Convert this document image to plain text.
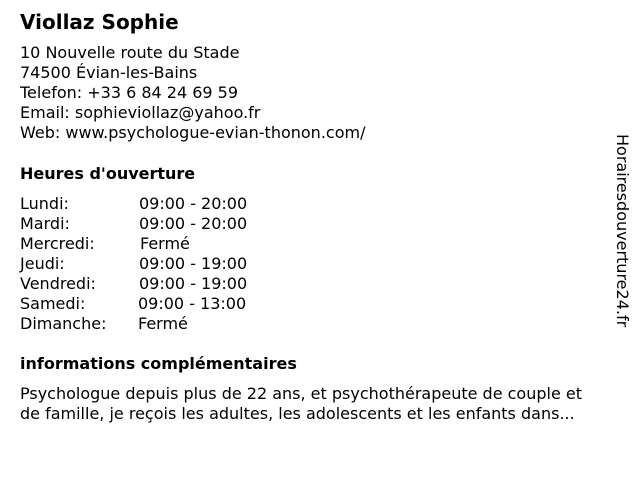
Viollaz Sophie
10 Nouvelle route du Stade
74500 Évian-les-Bains
Telefon: +33 6 84 24 69 59
Email: sophieviollaz@yahoo.fr
Web: www.psychologue-evian-thonon.com/
Heures d'ouverture
Lundi:	09:00 - 20:00
Mardi:	09:00 - 20:00
Mercredi:	Fermé
Jeudi:	09:00 - 19:00
Vendredi:	09:00 - 19:00
Samedi:	09:00 - 13:00
Dimanche: Fermé
informations complémentaires
Psychologue depuis plus de 22 ans, et psychothérapeute de couple et
de famille, je reçois les adultes, les adolescents et les enfants dans...
Horairesdouverture24.fr
